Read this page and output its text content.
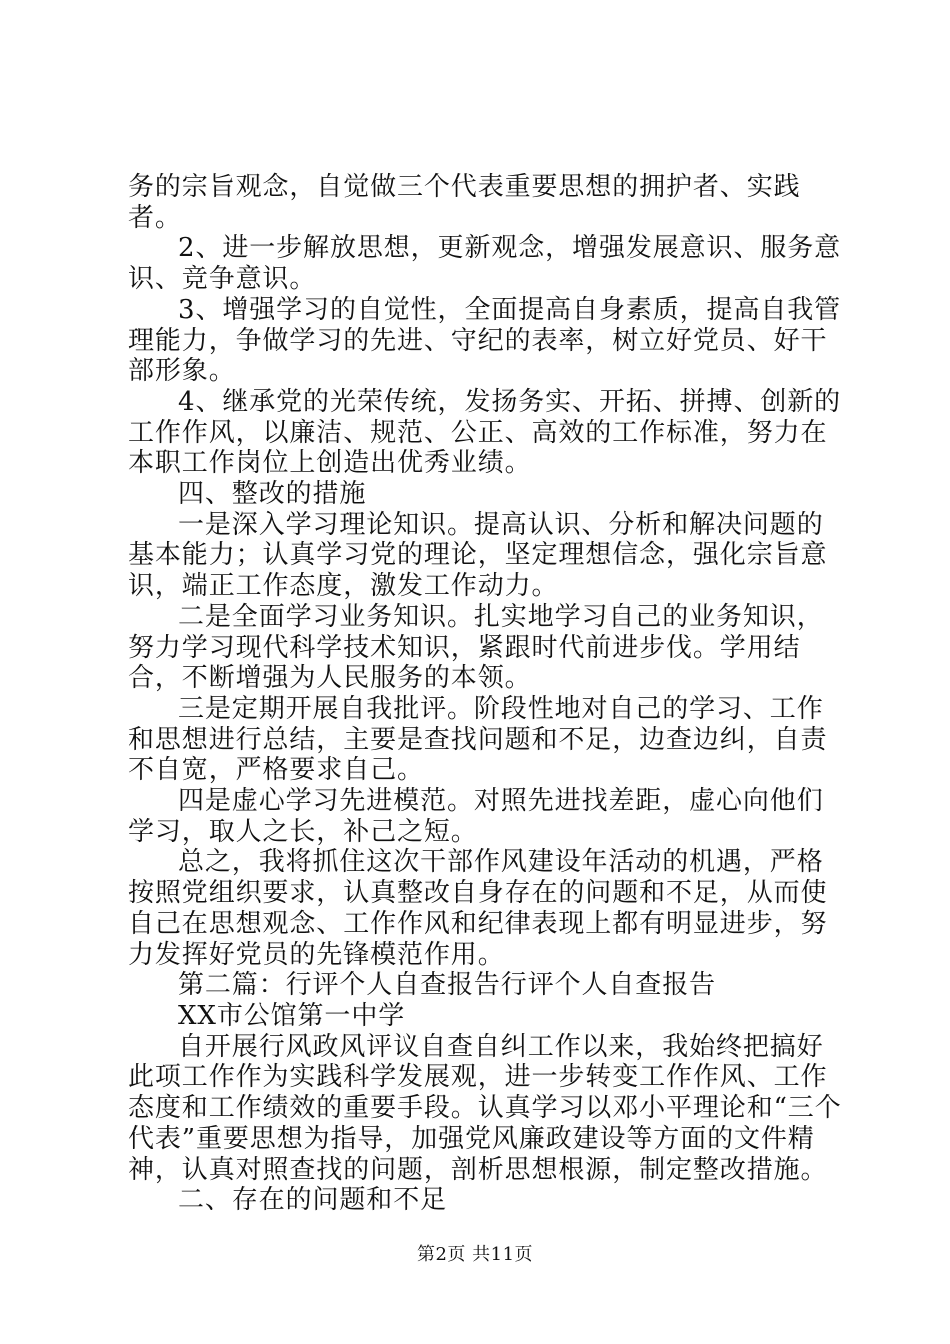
务的宗旨观念，自觉做三个代表重要思想的拥护者、实践者。

2、进一步解放思想，更新观念，增强发展意识、服务意识、竞争意识。

3、增强学习的自觉性，全面提高自身素质，提高自我管理能力，争做学习的先进、守纪的表率，树立好党员、好干部形象。

4、继承党的光荣传统，发扬务实、开拓、拼搏、创新的工作作风，以廉洁、规范、公正、高效的工作标准，努力在本职工作岗位上创造出优秀业绩。

四、整改的措施

一是深入学习理论知识。提高认识、分析和解决问题的基本能力；认真学习党的理论，坚定理想信念，强化宗旨意识，端正工作态度，激发工作动力。

二是全面学习业务知识。扎实地学习自己的业务知识，努力学习现代科学技术知识，紧跟时代前进步伐。学用结合，不断增强为人民服务的本领。

三是定期开展自我批评。阶段性地对自己的学习、工作和思想进行总结，主要是查找问题和不足，边查边纠，自责不自宽，严格要求自己。

四是虚心学习先进模范。对照先进找差距，虚心向他们学习，取人之长，补己之短。

总之，我将抓住这次干部作风建设年活动的机遇，严格按照党组织要求，认真整改自身存在的问题和不足，从而使自己在思想观念、工作作风和纪律表现上都有明显进步，努力发挥好党员的先锋模范作用。

第二篇：行评个人自查报告行评个人自查报告

XX市公馆第一中学

自开展行风政风评议自查自纠工作以来，我始终把搞好此项工作作为实践科学发展观，进一步转变工作作风、工作态度和工作绩效的重要手段。认真学习以邓小平理论和“三个代表”重要思想为指导，加强党风廉政建设等方面的文件精神，认真对照查找的问题，剖析思想根源，制定整改措施。

二、存在的问题和不足

第2页 共11页
